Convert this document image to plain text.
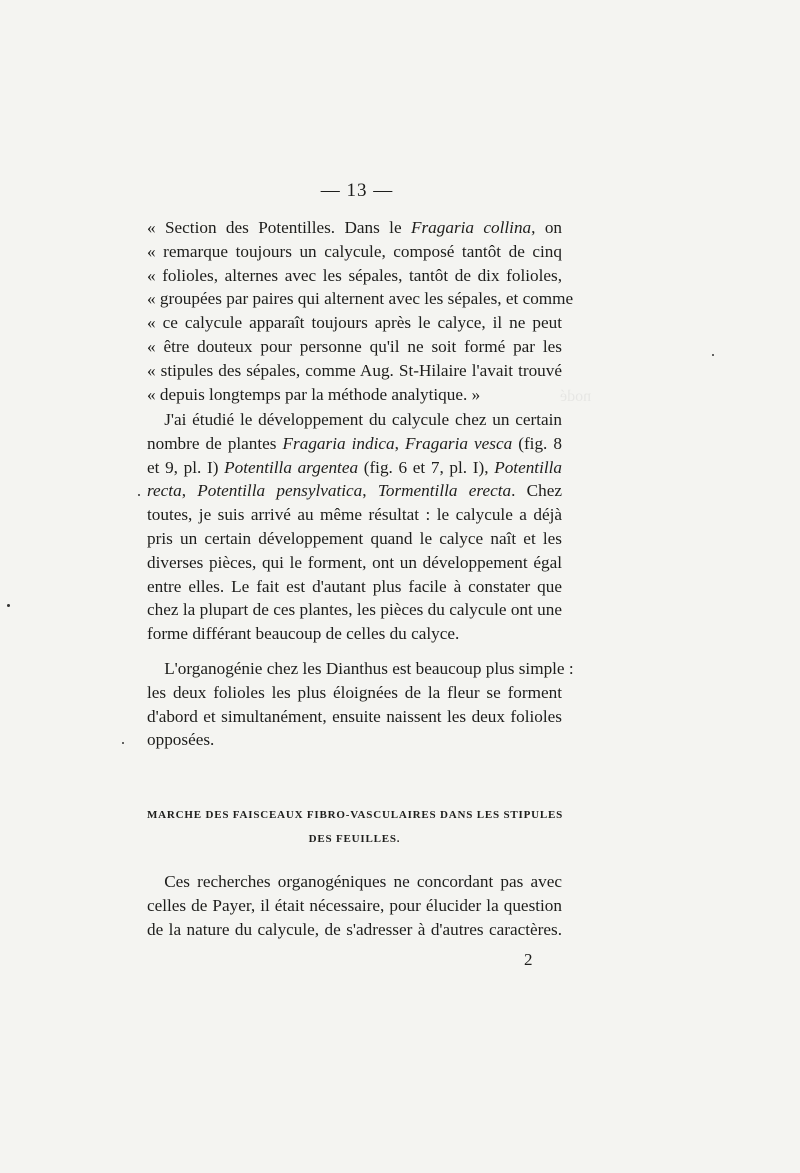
nodé
— 13 —
« Section des Potentilles. Dans le Fragaria collina, on
« remarque toujours un calycule, composé tantôt de cinq
« folioles, alternes avec les sépales, tantôt de dix folioles,
« groupées par paires qui alternent avec les sépales, et comme
« ce calycule apparaît toujours après le calyce, il ne peut
« être douteux pour personne qu'il ne soit formé par les
« stipules des sépales, comme Aug. St-Hilaire l'avait trouvé
« depuis longtemps par la méthode analytique. »
 J'ai étudié le développement du calycule chez un certain
nombre de plantes Fragaria indica, Fragaria vesca (fig. 8
et 9, pl. I) Potentilla argentea (fig. 6 et 7, pl. I), Potentilla
recta, Potentilla pensylvatica, Tormentilla erecta. Chez
toutes, je suis arrivé au même résultat : le calycule a déjà
pris un certain développement quand le calyce naît et les
diverses pièces, qui le forment, ont un développement égal
entre elles. Le fait est d'autant plus facile à constater que
chez la plupart de ces plantes, les pièces du calycule ont une
forme différant beaucoup de celles du calyce.
 L'organogénie chez les Dianthus est beaucoup plus simple :
les deux folioles les plus éloignées de la fleur se forment
d'abord et simultanément, ensuite naissent les deux folioles
opposées.
MARCHE DES FAISCEAUX FIBRO-VASCULAIRES DANS LES STIPULES
DES FEUILLES.
 Ces recherches organogéniques ne concordant pas avec
celles de Payer, il était nécessaire, pour élucider la question
de la nature du calycule, de s'adresser à d'autres caractères.
2
